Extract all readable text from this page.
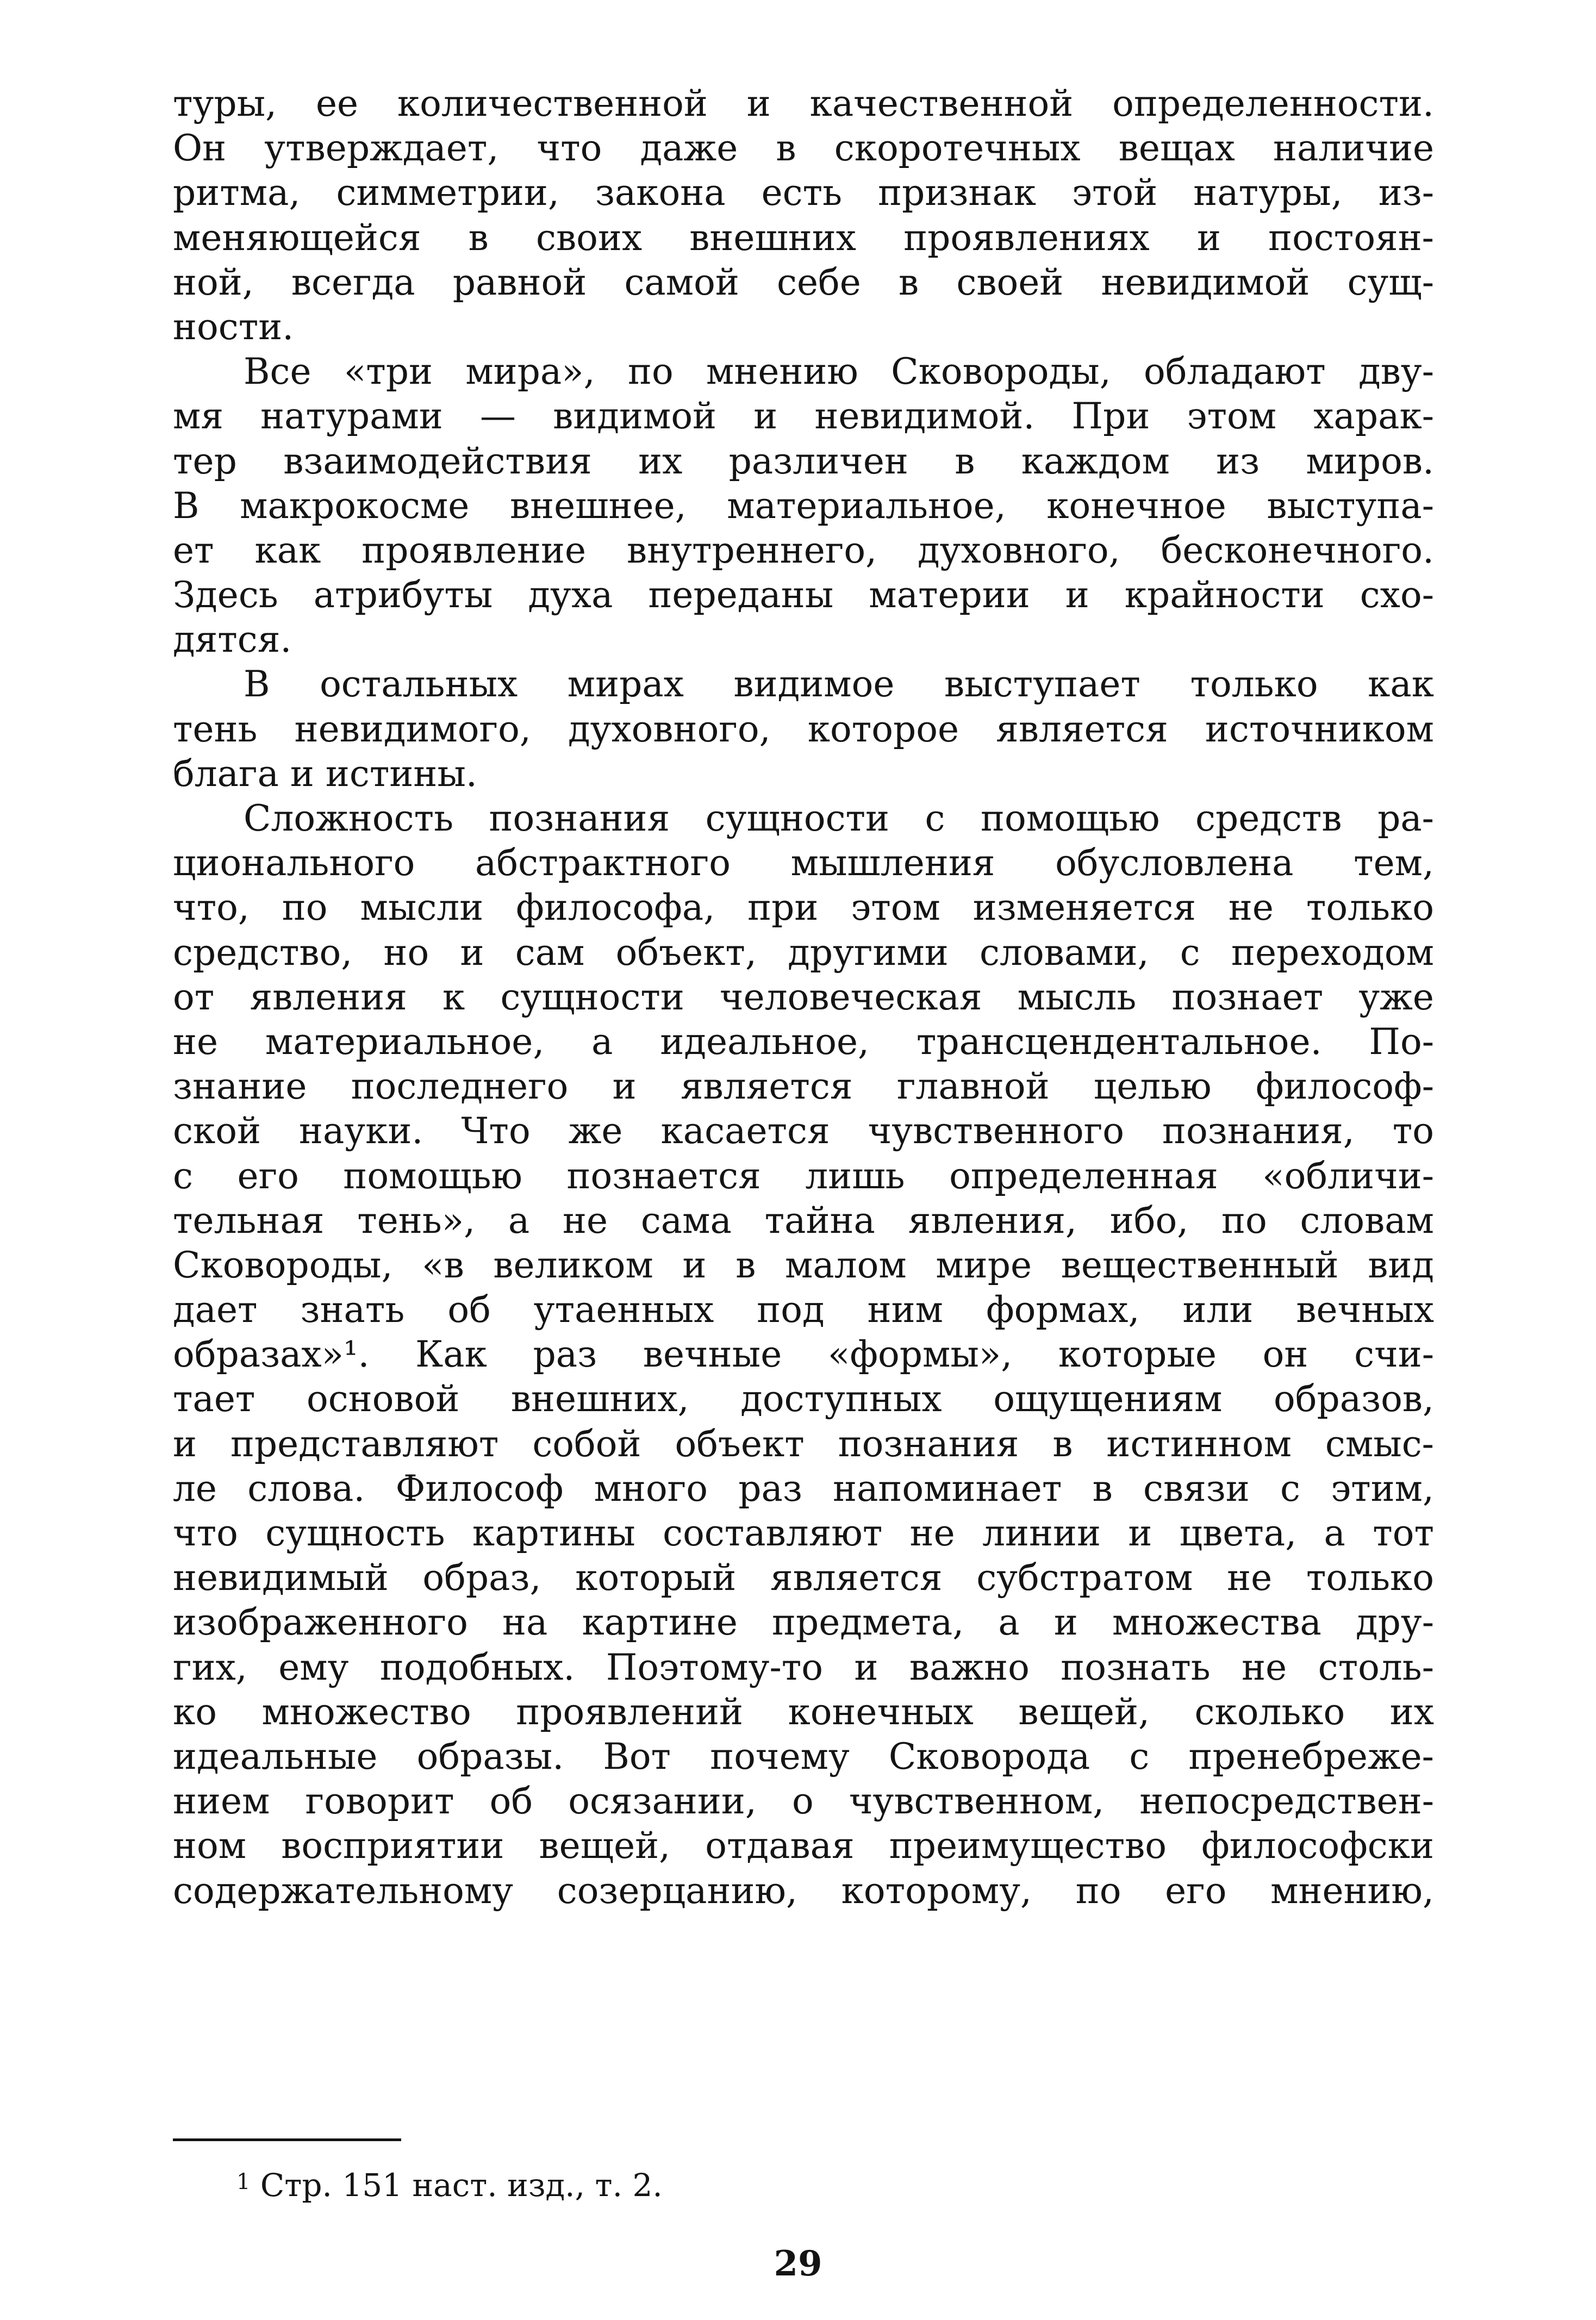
туры, ее количественной и качественной определенности.
Он утверждает, что даже в скоротечных вещах наличие
ритма, симметрии, закона есть признак этой натуры, из-
меняющейся в своих внешних проявлениях и постоян-
ной, всегда равной самой себе в своей невидимой сущ-
ности.
Все «три мира», по мнению Сковороды, обладают дву-
мя натурами — видимой и невидимой. При этом харак-
тер взаимодействия их различен в каждом из миров.
В макрокосме внешнее, материальное, конечное выступа-
ет как проявление внутреннего, духовного, бесконечного.
Здесь атрибуты духа переданы материи и крайности схо-
дятся.
В остальных мирах видимое выступает только как
тень невидимого, духовного, которое является источником
блага и истины.
Сложность познания сущности с помощью средств ра-
ционального абстрактного мышления обусловлена тем,
что, по мысли философа, при этом изменяется не только
средство, но и сам объект, другими словами, с переходом
от явления к сущности человеческая мысль познает уже
не материальное, а идеальное, трансцендентальное. По-
знание последнего и является главной целью философ-
ской науки. Что же касается чувственного познания, то
с его помощью познается лишь определенная «обличи-
тельная тень», а не сама тайна явления, ибо, по словам
Сковороды, «в великом и в малом мире вещественный вид
дает знать об утаенных под ним формах, или вечных
образах»¹. Как раз вечные «формы», которые он счи-
тает основой внешних, доступных ощущениям образов,
и представляют собой объект познания в истинном смыс-
ле слова. Философ много раз напоминает в связи с этим,
что сущность картины составляют не линии и цвета, а тот
невидимый образ, который является субстратом не только
изображенного на картине предмета, а и множества дру-
гих, ему подобных. Поэтому-то и важно познать не столь-
ко множество проявлений конечных вещей, сколько их
идеальные образы. Вот почему Сковорода с пренебреже-
нием говорит об осязании, о чувственном, непосредствен-
ном восприятии вещей, отдавая преимущество философски
содержательному созерцанию, которому, по его мнению,
$^1$ Стр. 151 наст. изд., т. 2.
29
